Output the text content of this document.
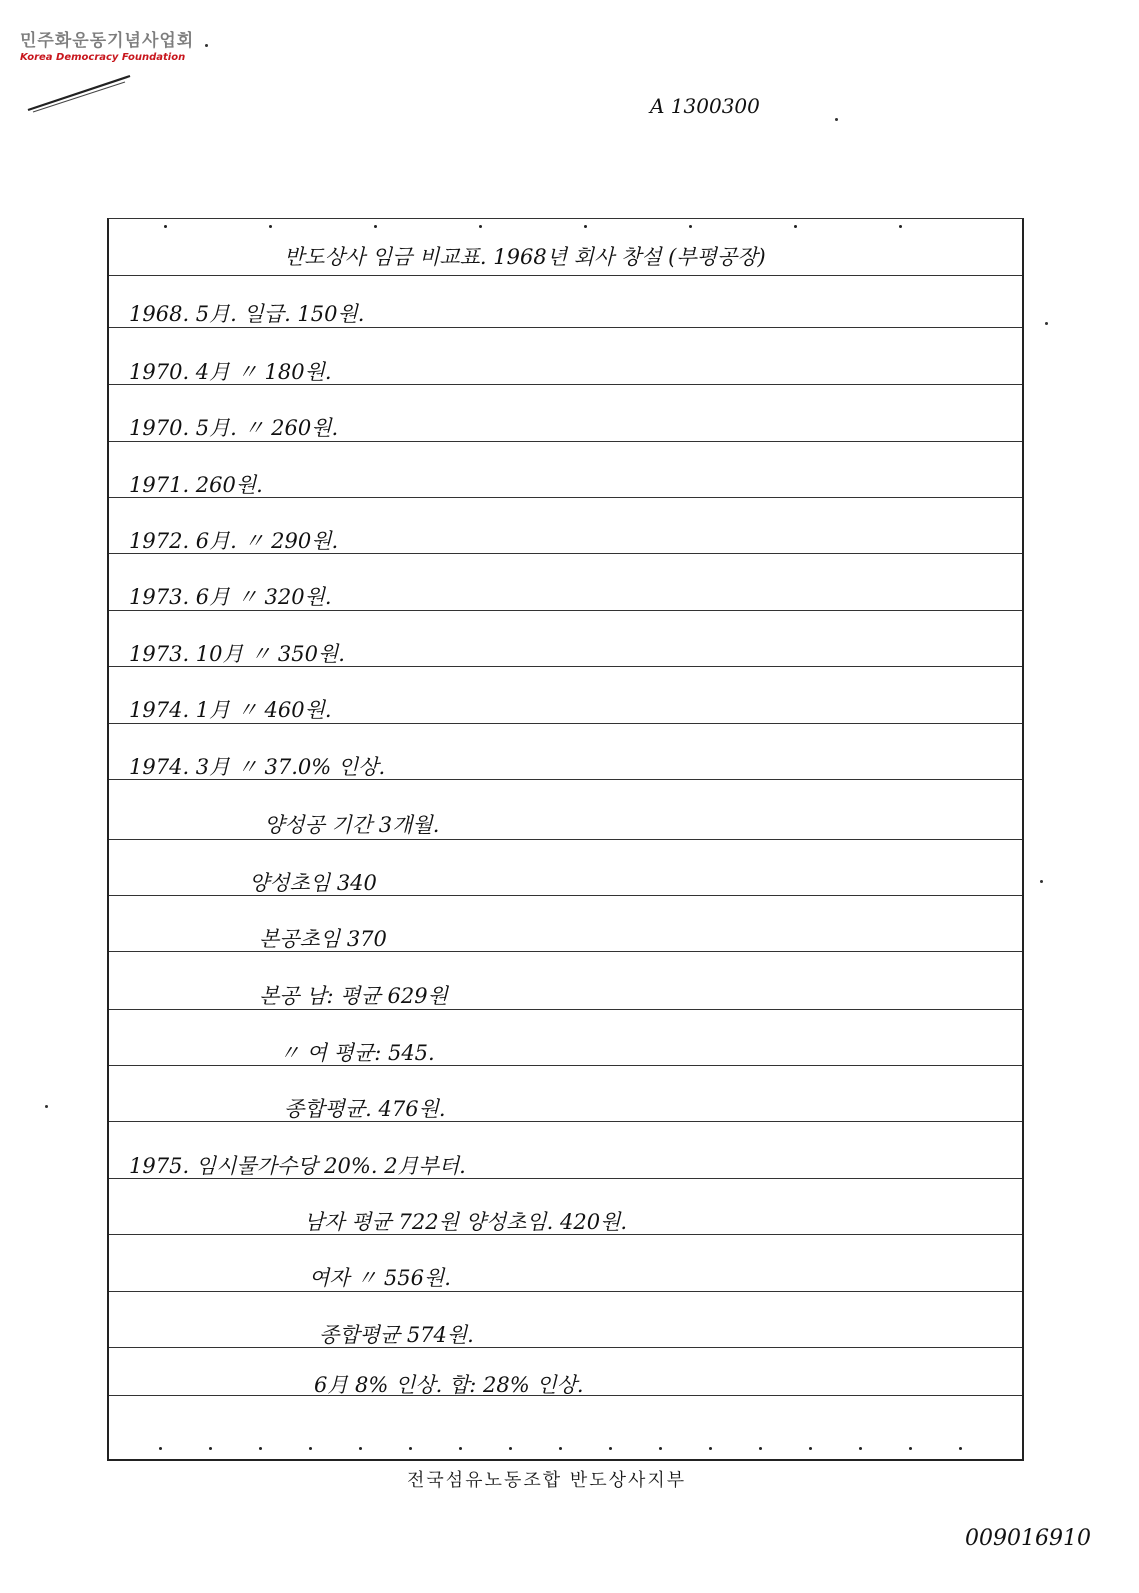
민주화운동기념사업회
Korea Democracy Foundation
A 1300300
반도상사 임금 비교표. 1968년 회사 창설 (부평공장)
1968. 5月. 일급. 150원.
1970. 4月 〃 180원.
1970. 5月. 〃 260원.
1971. 260원.
1972. 6月. 〃 290원.
1973. 6月 〃 320원.
1973. 10月 〃 350원.
1974. 1月 〃 460원.
1974. 3月 〃 37.0% 인상.
양성공 기간 3개월.
양성초임 340
본공초임 370
본공 남: 평균 629원
〃 여 평균: 545.
종합평균. 476원.
1975. 임시물가수당 20%. 2月부터.
남자 평균 722원 양성초임. 420원.
여자 〃 556원.
종합평균 574원.
6月 8% 인상. 합: 28% 인상.
전국섬유노동조합 반도상사지부
009016910
